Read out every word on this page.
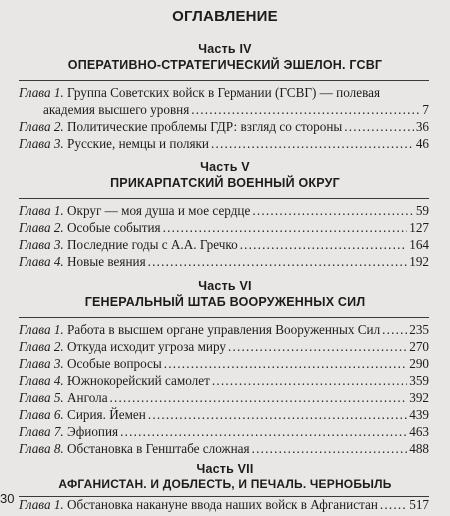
ОГЛАВЛЕНИЕ
Часть IV
ОПЕРАТИВНО-СТРАТЕГИЧЕСКИЙ ЭШЕЛОН. ГСВГ
Глава 1. Группа Советских войск в Германии (ГСВГ) — полевая
академия высшего уровня .....	7
Глава 2. Политические проблемы ГДР: взгляд со стороны .....	36
Глава 3. Русские, немцы и поляки .....	46
Часть V
ПРИКАРПАТСКИЙ ВОЕННЫЙ ОКРУГ
Глава 1. Округ — моя душа и мое сердце .....	59
Глава 2. Особые события .....	127
Глава 3. Последние годы с А.А. Гречко .....	164
Глава 4. Новые веяния .....	192
Часть VI
ГЕНЕРАЛЬНЫЙ ШТАБ ВООРУЖЕННЫХ СИЛ
Глава 1. Работа в высшем органе управления Вооруженных Сил ..... 235
Глава 2. Откуда исходит угроза миру .....	270
Глава 3. Особые вопросы .....	290
Глава 4. Южнокорейский самолет .....	359
Глава 5. Ангола .....	392
Глава 6. Сирия. Йемен .....	439
Глава 7. Эфиопия .....	463
Глава 8. Обстановка в Генштабе сложная .....	488
Часть VII
АФГАНИСТАН. И ДОБЛЕСТЬ, И ПЕЧАЛЬ. ЧЕРНОБЫЛЬ
Глава 1. Обстановка накануне ввода наших войск в Афганистан ..... 517
30
